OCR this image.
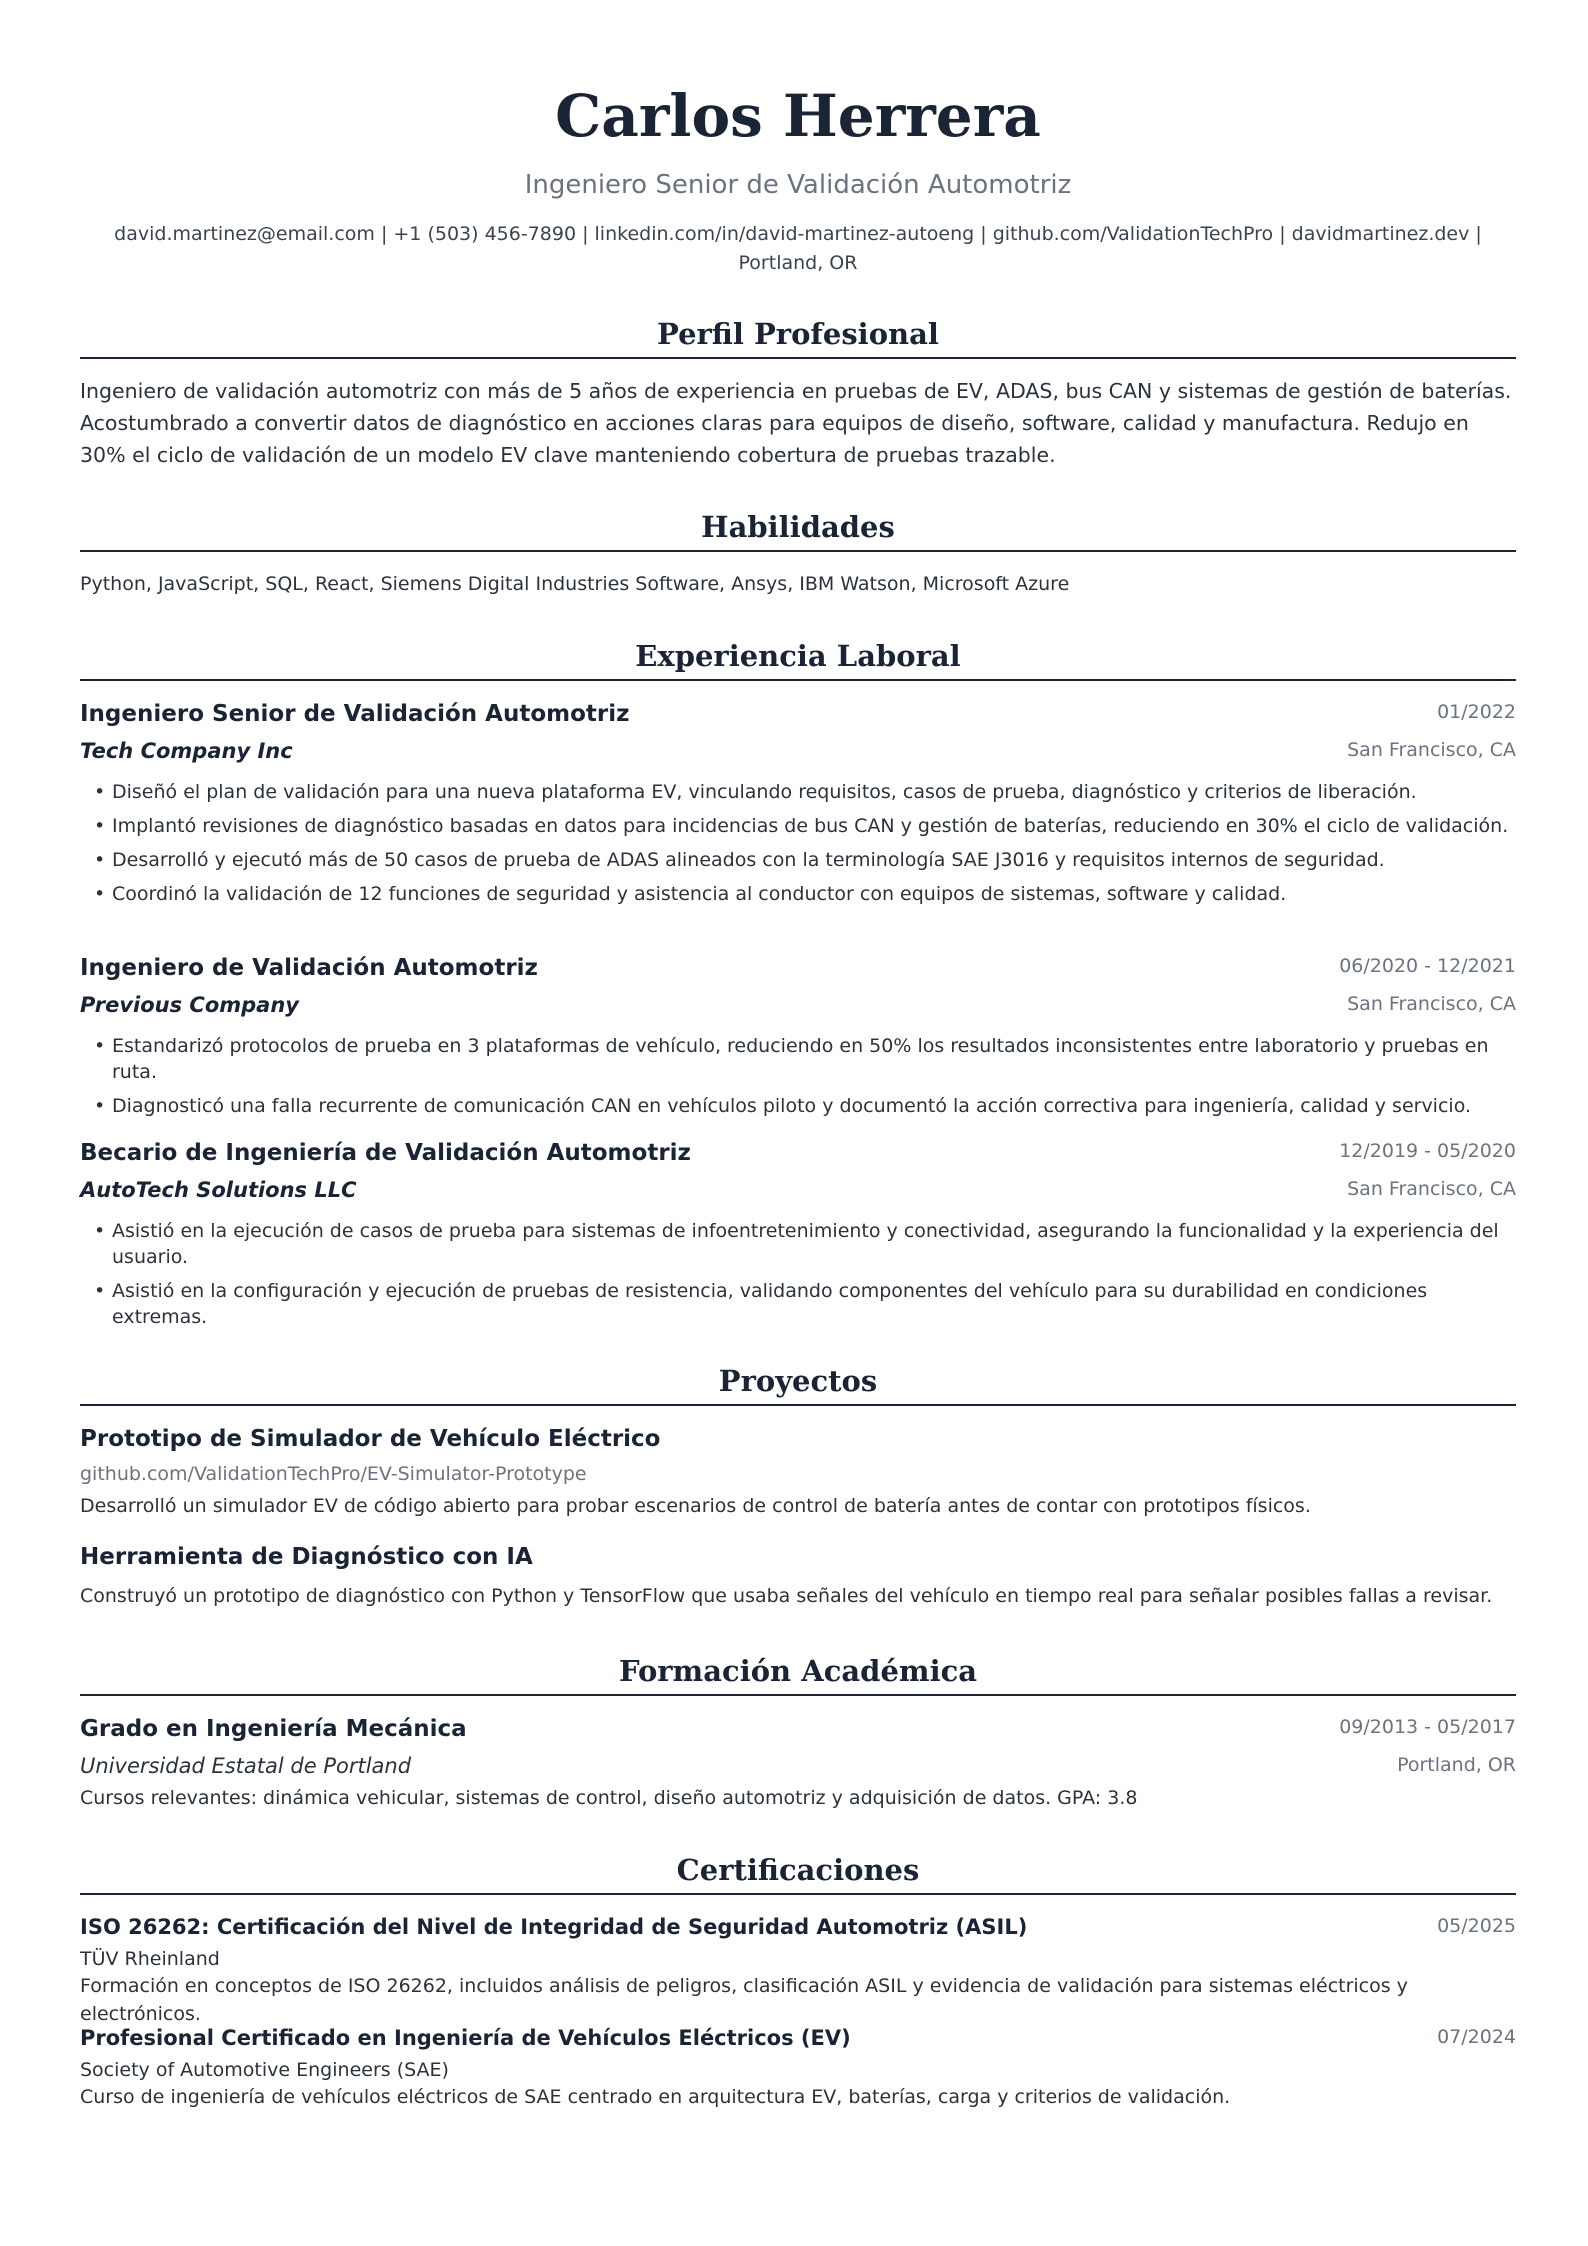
Carlos Herrera
Ingeniero Senior de Validación Automotriz
david.martinez@email.com | +1 (503) 456-7890 | linkedin.com/in/david-martinez-autoeng | github.com/ValidationTechPro | davidmartinez.dev |
Portland, OR
Perfil Profesional
Ingeniero de validación automotriz con más de 5 años de experiencia en pruebas de EV, ADAS, bus CAN y sistemas de gestión de baterías. Acostumbrado a convertir datos de diagnóstico en acciones claras para equipos de diseño, software, calidad y manufactura. Redujo en 30% el ciclo de validación de un modelo EV clave manteniendo cobertura de pruebas trazable.
Habilidades
Python, JavaScript, SQL, React, Siemens Digital Industries Software, Ansys, IBM Watson, Microsoft Azure
Experiencia Laboral
Ingeniero Senior de Validación Automotriz	01/2022
Tech Company Inc	San Francisco, CA
• Diseñó el plan de validación para una nueva plataforma EV, vinculando requisitos, casos de prueba, diagnóstico y criterios de liberación.
• Implantó revisiones de diagnóstico basadas en datos para incidencias de bus CAN y gestión de baterías, reduciendo en 30% el ciclo de validación.
• Desarrolló y ejecutó más de 50 casos de prueba de ADAS alineados con la terminología SAE J3016 y requisitos internos de seguridad.
• Coordinó la validación de 12 funciones de seguridad y asistencia al conductor con equipos de sistemas, software y calidad.
Ingeniero de Validación Automotriz	06/2020 - 12/2021
Previous Company	San Francisco, CA
• Estandarizó protocolos de prueba en 3 plataformas de vehículo, reduciendo en 50% los resultados inconsistentes entre laboratorio y pruebas en ruta.
• Diagnosticó una falla recurrente de comunicación CAN en vehículos piloto y documentó la acción correctiva para ingeniería, calidad y servicio.
Becario de Ingeniería de Validación Automotriz	12/2019 - 05/2020
AutoTech Solutions LLC	San Francisco, CA
• Asistió en la ejecución de casos de prueba para sistemas de infoentretenimiento y conectividad, asegurando la funcionalidad y la experiencia del usuario.
• Asistió en la configuración y ejecución de pruebas de resistencia, validando componentes del vehículo para su durabilidad en condiciones extremas.
Proyectos
Prototipo de Simulador de Vehículo Eléctrico
github.com/ValidationTechPro/EV-Simulator-Prototype
Desarrolló un simulador EV de código abierto para probar escenarios de control de batería antes de contar con prototipos físicos.
Herramienta de Diagnóstico con IA
Construyó un prototipo de diagnóstico con Python y TensorFlow que usaba señales del vehículo en tiempo real para señalar posibles fallas a revisar.
Formación Académica
Grado en Ingeniería Mecánica	09/2013 - 05/2017
Universidad Estatal de Portland	Portland, OR
Cursos relevantes: dinámica vehicular, sistemas de control, diseño automotriz y adquisición de datos. GPA: 3.8
Certificaciones
ISO 26262: Certificación del Nivel de Integridad de Seguridad Automotriz (ASIL)	05/2025
TÜV Rheinland
Formación en conceptos de ISO 26262, incluidos análisis de peligros, clasificación ASIL y evidencia de validación para sistemas eléctricos y electrónicos.
Profesional Certificado en Ingeniería de Vehículos Eléctricos (EV)	07/2024
Society of Automotive Engineers (SAE)
Curso de ingeniería de vehículos eléctricos de SAE centrado en arquitectura EV, baterías, carga y criterios de validación.
